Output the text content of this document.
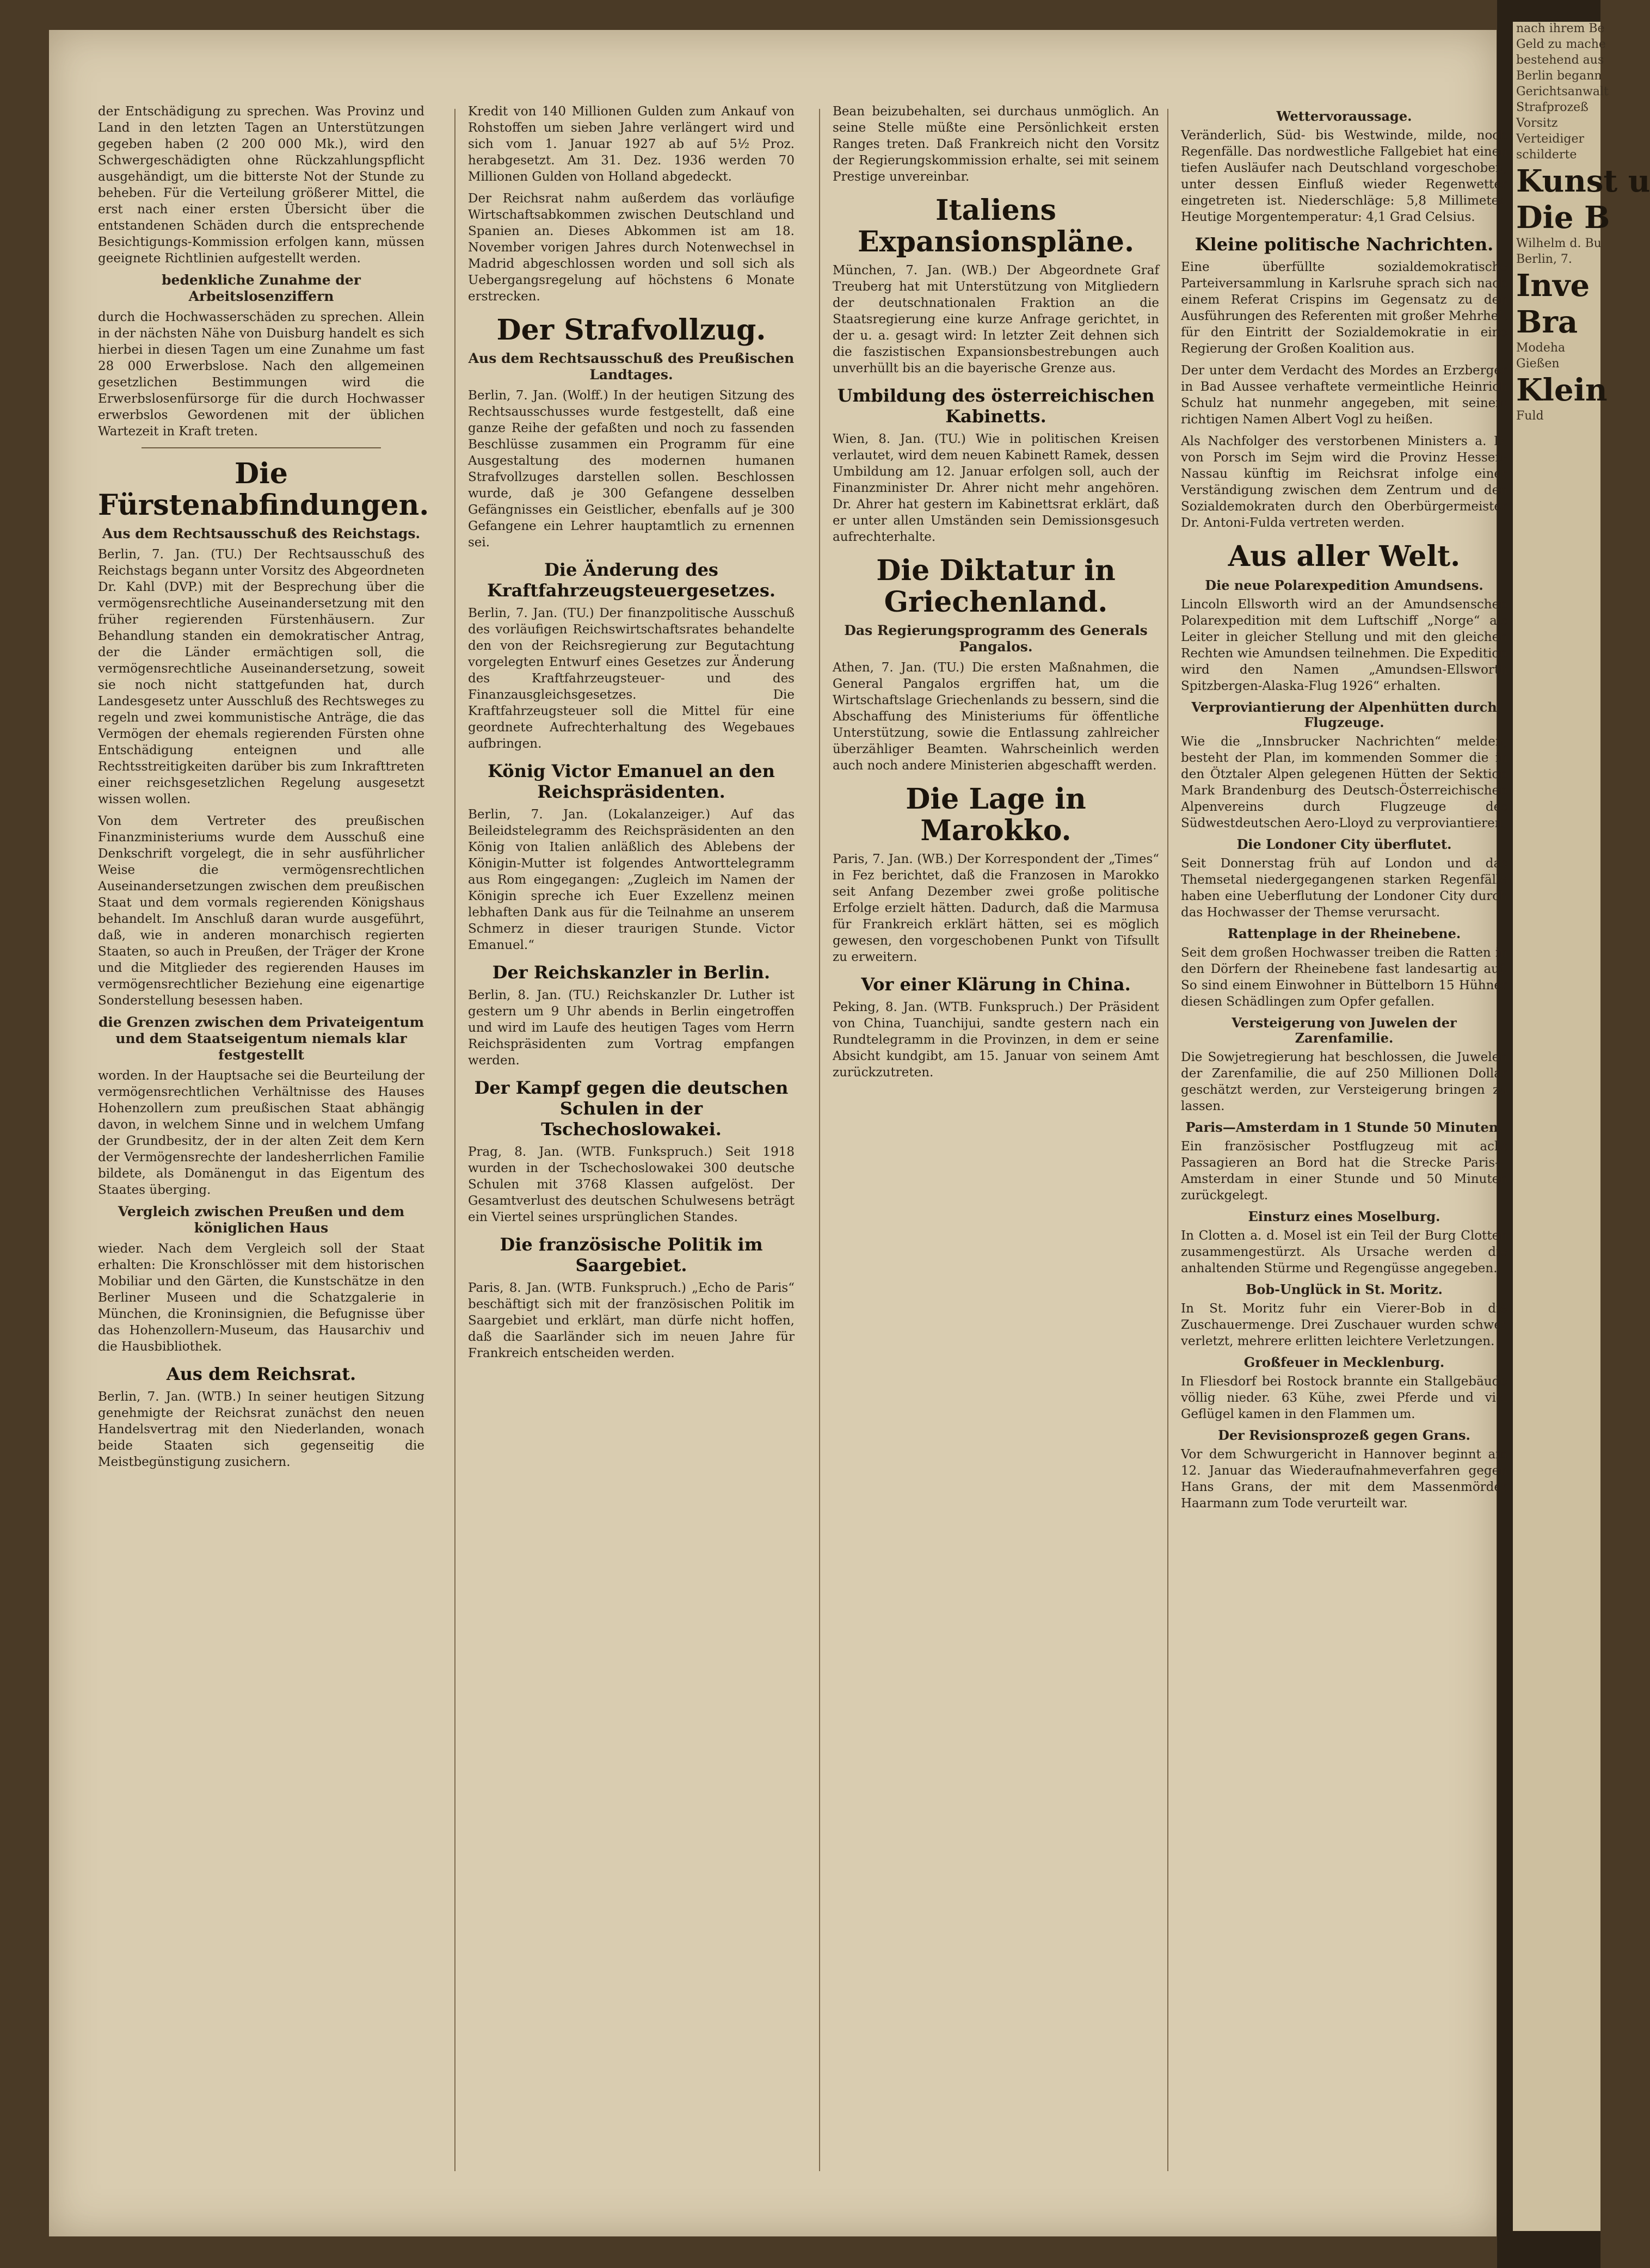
der Entschädigung zu sprechen. Was Provinz und Land in den letzten Tagen an Unterstützungen gegeben haben (2 200 000 Mk.), wird den Schwergeschädigten ohne Rückzahlungspflicht ausgehändigt, um die bitterste Not der Stunde zu beheben. Für die Verteilung größerer Mittel, die erst nach einer ersten Übersicht über die entstandenen Schäden durch die entsprechende Besichtigungs-Kommission erfolgen kann, müssen geeignete Richtlinien aufgestellt werden.

bedenkliche Zunahme der Arbeitslosenziffern

durch die Hochwasserschäden zu sprechen. Allein in der nächsten Nähe von Duisburg handelt es sich hierbei in diesen Tagen um eine Zunahme um fast 28 000 Erwerbslose. Nach den allgemeinen gesetzlichen Bestimmungen wird die Erwerbslosenfürsorge für die durch Hochwasser erwerbslos Gewordenen mit der üblichen Wartezeit in Kraft treten.

Die Fürstenabfindungen.

Aus dem Rechtsausschuß des Reichstags.

Berlin, 7. Jan. (TU.) Der Rechtsausschuß des Reichstags begann unter Vorsitz des Abgeordneten Dr. Kahl (DVP.) mit der Besprechung über die vermögensrechtliche Auseinandersetzung mit den früher regierenden Fürstenhäusern. Zur Behandlung standen ein demokratischer Antrag, der die Länder ermächtigen soll, die vermögensrechtliche Auseinandersetzung, soweit sie noch nicht stattgefunden hat, durch Landesgesetz unter Ausschluß des Rechtsweges zu regeln und zwei kommunistische Anträge, die das Vermögen der ehemals regierenden Fürsten ohne Entschädigung enteignen und alle Rechtsstreitigkeiten darüber bis zum Inkrafttreten einer reichsgesetzlichen Regelung ausgesetzt wissen wollen.

Von dem Vertreter des preußischen Finanzministeriums wurde dem Ausschuß eine Denkschrift vorgelegt, die in sehr ausführlicher Weise die vermögensrechtlichen Auseinandersetzungen zwischen dem preußischen Staat und dem vormals regierenden Königshaus behandelt. Im Anschluß daran wurde ausgeführt, daß, wie in anderen monarchisch regierten Staaten, so auch in Preußen, der Träger der Krone und die Mitglieder des regierenden Hauses im vermögensrechtlicher Beziehung eine eigenartige Sonderstellung besessen haben.

die Grenzen zwischen dem Privateigentum und dem Staatseigentum niemals klar festgestellt

worden. In der Hauptsache sei die Beurteilung der vermögensrechtlichen Verhältnisse des Hauses Hohenzollern zum preußischen Staat abhängig davon, in welchem Sinne und in welchem Umfang der Grundbesitz, der in der alten Zeit dem Kern der Vermögensrechte der landesherrlichen Familie bildete, als Domänengut in das Eigentum des Staates überging.

Vergleich zwischen Preußen und dem königlichen Haus

wieder. Nach dem Vergleich soll der Staat erhalten: Die Kronschlösser mit dem historischen Mobiliar und den Gärten, die Kunstschätze in den Berliner Museen und die Schatzgalerie in München, die Kroninsignien, die Befugnisse über das Hohenzollern-Museum, das Hausarchiv und die Hausbibliothek.

Aus dem Reichsrat.

Berlin, 7. Jan. (WTB.) In seiner heutigen Sitzung genehmigte der Reichsrat zunächst den neuen Handelsvertrag mit den Niederlanden, wonach beide Staaten sich gegenseitig die Meistbegünstigung zusichern.

Kredit von 140 Millionen Gulden zum Ankauf von Rohstoffen um sieben Jahre verlängert wird und sich vom 1. Januar 1927 ab auf 5½ Proz. herabgesetzt. Am 31. Dez. 1936 werden 70 Millionen Gulden von Holland abgedeckt.

Der Reichsrat nahm außerdem das vorläufige Wirtschaftsabkommen zwischen Deutschland und Spanien an. Dieses Abkommen ist am 18. November vorigen Jahres durch Notenwechsel in Madrid abgeschlossen worden und soll sich als Uebergangsregelung auf höchstens 6 Monate erstrecken.

Der Strafvollzug.

Aus dem Rechtsausschuß des Preußischen Landtages.

Berlin, 7. Jan. (Wolff.) In der heutigen Sitzung des Rechtsausschusses wurde festgestellt, daß eine ganze Reihe der gefaßten und noch zu fassenden Beschlüsse zusammen ein Programm für eine Ausgestaltung des modernen humanen Strafvollzuges darstellen sollen. Beschlossen wurde, daß je 300 Gefangene desselben Gefängnisses ein Geistlicher, ebenfalls auf je 300 Gefangene ein Lehrer hauptamtlich zu ernennen sei.

Die Änderung des Kraftfahrzeugsteuergesetzes.

Berlin, 7. Jan. (TU.) Der finanzpolitische Ausschuß des vorläufigen Reichswirtschaftsrates behandelte den von der Reichsregierung zur Begutachtung vorgelegten Entwurf eines Gesetzes zur Änderung des Kraftfahrzeugsteuer- und des Finanzausgleichsgesetzes. Die Kraftfahrzeugsteuer soll die Mittel für eine geordnete Aufrechterhaltung des Wegebaues aufbringen.

König Victor Emanuel an den Reichspräsidenten.

Berlin, 7. Jan. (Lokalanzeiger.) Auf das Beileidstelegramm des Reichspräsidenten an den König von Italien anläßlich des Ablebens der Königin-Mutter ist folgendes Antworttelegramm aus Rom eingegangen: „Zugleich im Namen der Königin spreche ich Euer Exzellenz meinen lebhaften Dank aus für die Teilnahme an unserem Schmerz in dieser traurigen Stunde. Victor Emanuel.“

Der Reichskanzler in Berlin.

Berlin, 8. Jan. (TU.) Reichskanzler Dr. Luther ist gestern um 9 Uhr abends in Berlin eingetroffen und wird im Laufe des heutigen Tages vom Herrn Reichspräsidenten zum Vortrag empfangen werden.

Der Kampf gegen die deutschen Schulen in der Tschechoslowakei.

Prag, 8. Jan. (WTB. Funkspruch.) Seit 1918 wurden in der Tschechoslowakei 300 deutsche Schulen mit 3768 Klassen aufgelöst. Der Gesamtverlust des deutschen Schulwesens beträgt ein Viertel seines ursprünglichen Standes.

Die französische Politik im Saargebiet.

Paris, 8. Jan. (WTB. Funkspruch.) „Echo de Paris“ beschäftigt sich mit der französischen Politik im Saargebiet und erklärt, man dürfe nicht hoffen, daß die Saarländer sich im neuen Jahre für Frankreich entscheiden werden.

Bean beizubehalten, sei durchaus unmöglich. An seine Stelle müßte eine Persönlichkeit ersten Ranges treten. Daß Frankreich nicht den Vorsitz der Regierungskommission erhalte, sei mit seinem Prestige unvereinbar.

Italiens Expansionspläne.

München, 7. Jan. (WB.) Der Abgeordnete Graf Treuberg hat mit Unterstützung von Mitgliedern der deutschnationalen Fraktion an die Staatsregierung eine kurze Anfrage gerichtet, in der u. a. gesagt wird: In letzter Zeit dehnen sich die faszistischen Expansionsbestrebungen auch unverhüllt bis an die bayerische Grenze aus.

Umbildung des österreichischen Kabinetts.

Wien, 8. Jan. (TU.) Wie in politischen Kreisen verlautet, wird dem neuen Kabinett Ramek, dessen Umbildung am 12. Januar erfolgen soll, auch der Finanzminister Dr. Ahrer nicht mehr angehören. Dr. Ahrer hat gestern im Kabinettsrat erklärt, daß er unter allen Umständen sein Demissionsgesuch aufrechterhalte.

Die Diktatur in Griechenland.

Das Regierungsprogramm des Generals Pangalos.

Athen, 7. Jan. (TU.) Die ersten Maßnahmen, die General Pangalos ergriffen hat, um die Wirtschaftslage Griechenlands zu bessern, sind die Abschaffung des Ministeriums für öffentliche Unterstützung, sowie die Entlassung zahlreicher überzähliger Beamten. Wahrscheinlich werden auch noch andere Ministerien abgeschafft werden.

Die Lage in Marokko.

Paris, 7. Jan. (WB.) Der Korrespondent der „Times“ in Fez berichtet, daß die Franzosen in Marokko seit Anfang Dezember zwei große politische Erfolge erzielt hätten. Dadurch, daß die Marmusa für Frankreich erklärt hätten, sei es möglich gewesen, den vorgeschobenen Punkt von Tifsullt zu erweitern.

Vor einer Klärung in China.

Peking, 8. Jan. (WTB. Funkspruch.) Der Präsident von China, Tuanchijui, sandte gestern nach ein Rundtelegramm in die Provinzen, in dem er seine Absicht kundgibt, am 15. Januar von seinem Amt zurückzutreten.

Wettervoraussage.

Veränderlich, Süd- bis Westwinde, milde, noch Regenfälle. Das nordwestliche Fallgebiet hat einen tiefen Ausläufer nach Deutschland vorgeschoben, unter dessen Einfluß wieder Regenwetter eingetreten ist. Niederschläge: 5,8 Millimeter. Heutige Morgentemperatur: 4,1 Grad Celsius.

Kleine politische Nachrichten.

Eine überfüllte sozialdemokratische Parteiversammlung in Karlsruhe sprach sich nach einem Referat Crispins im Gegensatz zu den Ausführungen des Referenten mit großer Mehrheit für den Eintritt der Sozialdemokratie in eine Regierung der Großen Koalition aus.

Der unter dem Verdacht des Mordes an Erzberger in Bad Aussee verhaftete vermeintliche Heinrich Schulz hat nunmehr angegeben, mit seinem richtigen Namen Albert Vogl zu heißen.

Als Nachfolger des verstorbenen Ministers a. D. von Porsch im Sejm wird die Provinz Hessen-Nassau künftig im Reichsrat infolge einer Verständigung zwischen dem Zentrum und den Sozialdemokraten durch den Oberbürgermeister Dr. Antoni-Fulda vertreten werden.

Aus aller Welt.
Die neue Polarexpedition Amundsens.

Lincoln Ellsworth wird an der Amundsenschen Polarexpedition mit dem Luftschiff „Norge“ als Leiter in gleicher Stellung und mit den gleichen Rechten wie Amundsen teilnehmen. Die Expedition wird den Namen „Amundsen-Ellsworth Spitzbergen-Alaska-Flug 1926“ erhalten.

Verproviantierung der Alpenhütten durch Flugzeuge.

Wie die „Innsbrucker Nachrichten“ melden, besteht der Plan, im kommenden Sommer die in den Ötztaler Alpen gelegenen Hütten der Sektion Mark Brandenburg des Deutsch-Österreichischen Alpenvereins durch Flugzeuge des Südwestdeutschen Aero-Lloyd zu verproviantieren.

Die Londoner City überflutet.

Seit Donnerstag früh auf London und das Themsetal niedergegangenen starken Regenfälle haben eine Ueberflutung der Londoner City durch das Hochwasser der Themse verursacht.

Rattenplage in der Rheinebene.

Seit dem großen Hochwasser treiben die Ratten in den Dörfern der Rheinebene fast landesartig auf. So sind einem Einwohner in Büttelborn 15 Hühner diesen Schädlingen zum Opfer gefallen.

Versteigerung von Juwelen der Zarenfamilie.

Die Sowjetregierung hat beschlossen, die Juwelen der Zarenfamilie, die auf 250 Millionen Dollar geschätzt werden, zur Versteigerung bringen zu lassen.

Paris—Amsterdam in 1 Stunde 50 Minuten.

Ein französischer Postflugzeug mit acht Passagieren an Bord hat die Strecke Paris—Amsterdam in einer Stunde und 50 Minuten zurückgelegt.

Einsturz eines Moselburg.

In Clotten a. d. Mosel ist ein Teil der Burg Clotten zusammengestürzt. Als Ursache werden die anhaltenden Stürme und Regengüsse angegeben.

Bob-Unglück in St. Moritz.

In St. Moritz fuhr ein Vierer-Bob in die Zuschauermenge. Drei Zuschauer wurden schwer verletzt, mehrere erlitten leichtere Verletzungen.

Großfeuer in Mecklenburg.

In Fliesdorf bei Rostock brannte ein Stallgebäude völlig nieder. 63 Kühe, zwei Pferde und viel Geflügel kamen in den Flammen um.

Der Revisionsprozeß gegen Grans.

Vor dem Schwurgericht in Hannover beginnt am 12. Januar das Wiederaufnahmeverfahren gegen Hans Grans, der mit dem Massenmörder Haarmann zum Tode verurteilt war.

nach ihrem Be

Geld zu mache

bestehend aus

Berlin begann

Gerichtsanwalt

Strafprozeß

Vorsitz

Verteidiger

schilderte

Kunst u

Die B

Wilhelm d. Bu

Berlin, 7.

Inve

Bra

Modeha

Gießen

Klein

Fuld
